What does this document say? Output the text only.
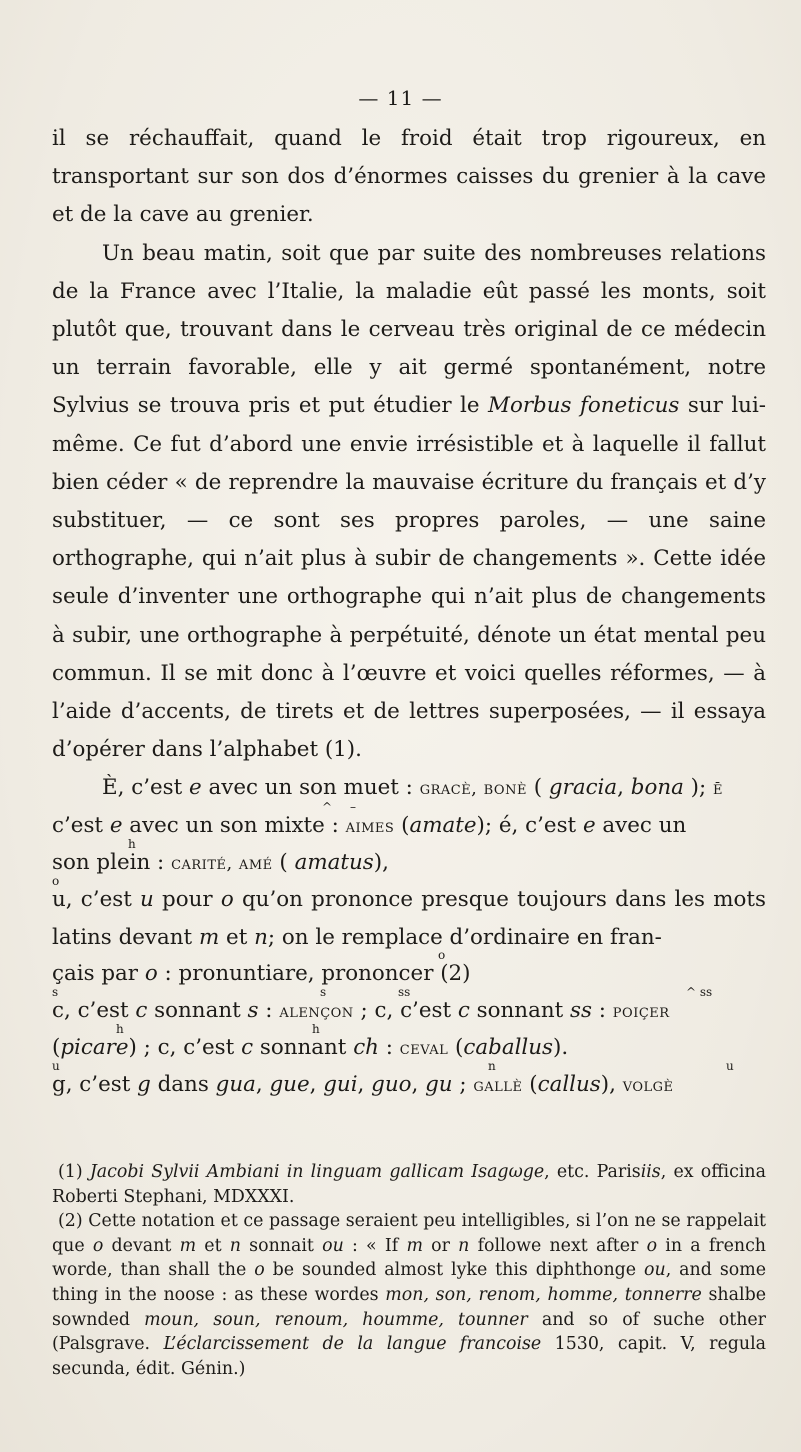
— 11 —

il se réchauffait, quand le froid était trop rigoureux, en transportant sur son dos d’énormes caisses du grenier à la cave et de la cave au grenier.

Un beau matin, soit que par suite des nombreuses relations de la France avec l’Italie, la maladie eût passé les monts, soit plutôt que, trouvant dans le cerveau très original de ce médecin un terrain favorable, elle y ait germé spontanément, notre Sylvius se trouva pris et put étudier le Morbus foneticus sur lui-même. Ce fut d’abord une envie irrésistible et à laquelle il fallut bien céder « de reprendre la mauvaise écriture du français et d’y substituer, — ce sont ses propres paroles, — une saine orthographe, qui n’ait plus à subir de changements ». Cette idée seule d’inventer une orthographe qui n’ait plus de changements à subir, une orthographe à perpétuité, dénote un état mental peu commun. Il se mit donc à l’œuvre et voici quelles réformes, — à l’aide d’accents, de tirets et de lettres superposées, — il essaya d’opérer dans l’alphabet (1).

È, c’est e avec un son muet : gracè, bonè ( gracia, bona ); ē

^ –

c’est e avec un son mixte : aimes (amate); é, c’est e avec un

h

son plein : carité, amé ( amatus),

o

u, c’est u pour o qu’on prononce presque toujours dans les mots latins devant m et n; on le remplace d’ordinaire en fran-

o

çais par o : pronuntiare, prononcer (2)

s	s	ss	^ ss

c, c’est c sonnant s : alençon ; c, c’est c sonnant ss : poiçer

h	h

(picare) ; c, c’est c sonnant ch : ceval (caballus).

u	n	u

g, c’est g dans gua, gue, gui, guo, gu ; gallè (callus), volgè

(1) Jacobi Sylvii Ambiani in linguam gallicam Isagωge, etc. Parisiis, ex officina Roberti Stephani, MDXXXI.

(2) Cette notation et ce passage seraient peu intelligibles, si l’on ne se rappelait que o devant m et n sonnait ou : « If m or n followe next after o in a french worde, than shall the o be sounded almost lyke this diphthonge ou, and some thing in the noose : as these wordes mon, son, renom, homme, tonnerre shalbe sownded moun, soun, renoum, houmme, tounner and so of suche other (Palsgrave. L’éclarcissement de la langue francoise 1530, capit. V, regula secunda, édit. Génin.)
